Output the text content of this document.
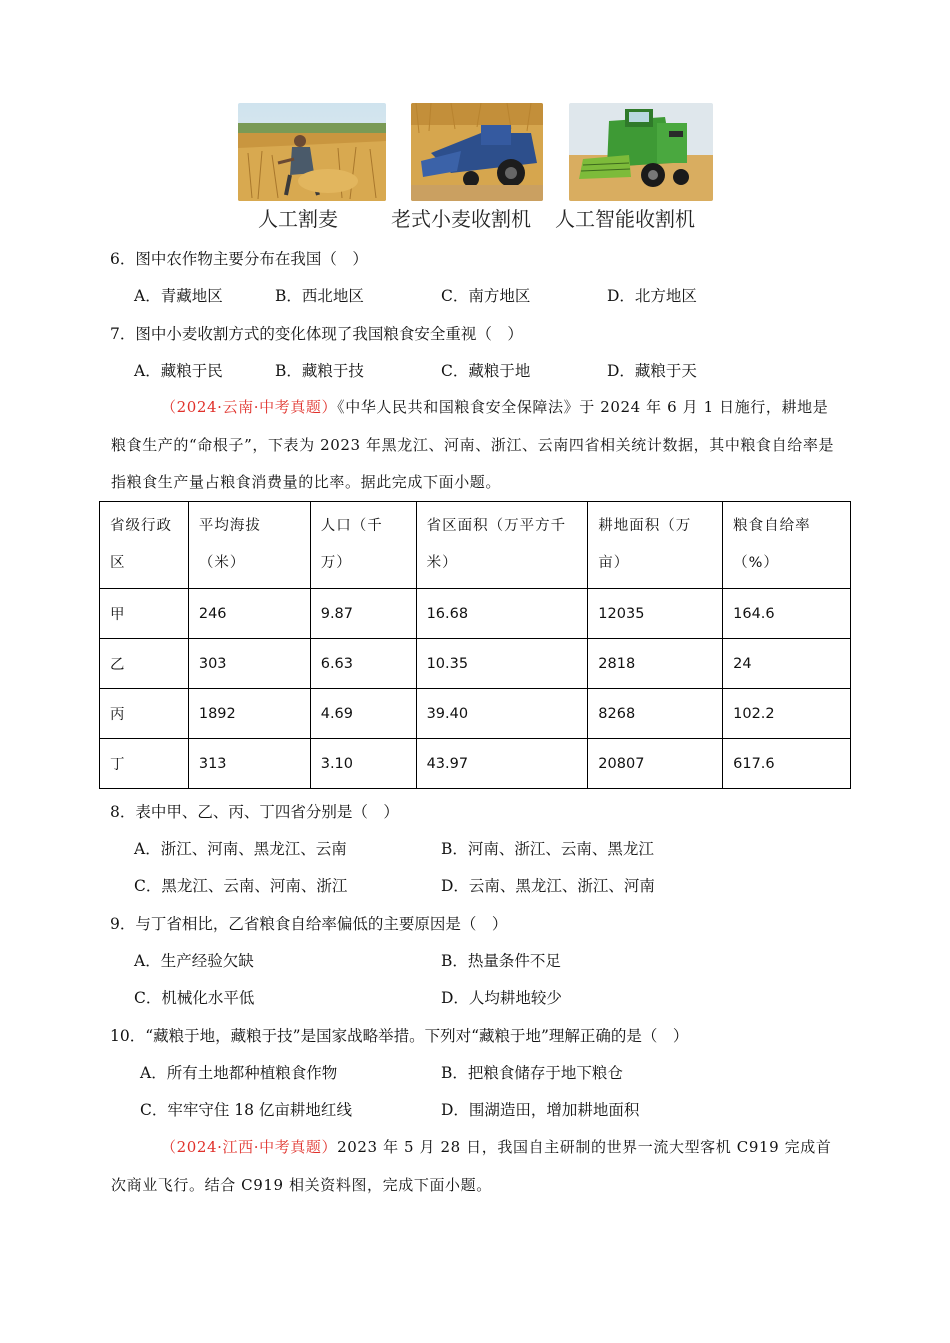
人工割麦	老式小麦收割机 人工智能收割机
6．图中农作物主要分布在我国（　）
A．青藏地区	B．西北地区	C．南方地区	D．北方地区
7．图中小麦收割方式的变化体现了我国粮食安全重视（　）
A．藏粮于民	B．藏粮于技	C．藏粮于地	D．藏粮于天
（2024·云南·中考真题）《中华人民共和国粮食安全保障法》于 2024 年 6 月 1 日施行，耕地是粮食生产的“命根子”，下表为 2023 年黑龙江、河南、浙江、云南四省相关统计数据，其中粮食自给率是指粮食生产量占粮食消费量的比率。据此完成下面小题。
省级行政区	平均海拔（米）	人口（千万）	省区面积（万平方千米）	耕地面积（万亩）	粮食自给率（%）
甲	246	9.87	16.68	12035	164.6
乙	303	6.63	10.35	2818	24
丙	1892	4.69	39.40	8268	102.2
丁	313	3.10	43.97	20807	617.6
8．表中甲、乙、丙、丁四省分别是（　）
A．浙江、河南、黑龙江、云南	B．河南、浙江、云南、黑龙江
C．黑龙江、云南、河南、浙江	D．云南、黑龙江、浙江、河南
9．与丁省相比，乙省粮食自给率偏低的主要原因是（　）
A．生产经验欠缺	B．热量条件不足
C．机械化水平低	D．人均耕地较少
10．“藏粮于地，藏粮于技”是国家战略举措。下列对“藏粮于地”理解正确的是（　）
A．所有土地都种植粮食作物	B．把粮食储存于地下粮仓
C．牢牢守住 18 亿亩耕地红线	D．围湖造田，增加耕地面积
（2024·江西·中考真题）2023 年 5 月 28 日，我国自主研制的世界一流大型客机 C919 完成首次商业飞行。结合 C919 相关资料图，完成下面小题。
